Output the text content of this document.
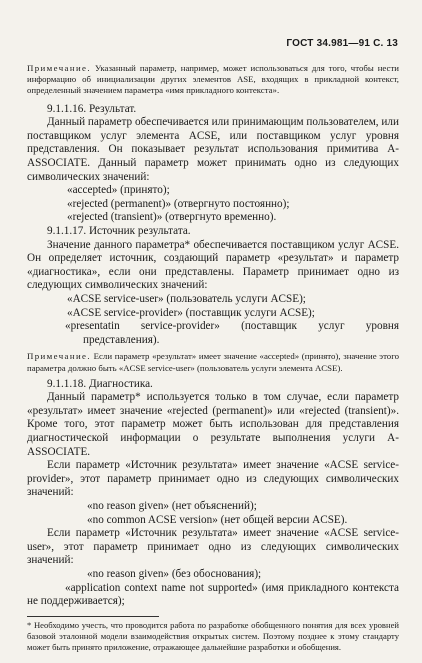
ГОСТ 34.981—91 С. 13

Примечание. Указанный параметр, например, может использоваться для того, чтобы нести информацию об инициализации других элементов ASE, входящих в прикладной контекст, определенный значением параметра «имя прикладного контекста».

9.1.1.16. Результат.

Данный параметр обеспечивается или принимающим пользователем, или поставщиком услуг элемента ACSE, или поставщиком услуг уровня представления. Он показывает результат использования примитива A-ASSOCIATE. Данный параметр может принимать одно из следующих символических значений:

«accepted» (принято);

«rejected (permanent)» (отвергнуто постоянно);

«rejected (transient)» (отвергнуто временно).

9.1.1.17. Источник результата.

Значение данного параметра* обеспечивается поставщиком услуг ACSE. Он определяет источник, создающий параметр «результат» и параметр «диагностика», если они представлены. Параметр принимает одно из следующих символических значений:

«ACSE service-user» (пользователь услуги ACSE);

«ACSE service-provider» (поставщик услуги ACSE);

«presentatin service-provider» (поставщик услуг уровня представления).

Примечание. Если параметр «результат» имеет значение «accepted» (принято), значение этого параметра должно быть «ACSE service-user» (пользователь услуги элемента ACSE).

9.1.1.18. Диагностика.

Данный параметр* используется только в том случае, если параметр «результат» имеет значение «rejected (permanent)» или «rejected (transient)». Кроме того, этот параметр может быть использован для представления диагностической информации о результате выполнения услуги A-ASSOCIATE.

Если параметр «Источник результата» имеет значение «ACSE service-provider», этот параметр принимает одно из следующих символических значений:

«no reason given» (нет объяснений);

«no common ACSE version» (нет общей версии ACSE).

Если параметр «Источник результата» имеет значение «ACSE service-user», этот параметр принимает одно из следующих символических значений:

«no reason given» (без обоснования);

«application context name not supported» (имя прикладного контекста не поддерживается);

* Необходимо учесть, что проводится работа по разработке обобщенного понятия для всех уровней базовой эталонной модели взаимодействия открытых систем. Поэтому позднее к этому стандарту может быть принято приложение, отражающее дальнейшие разработки и обобщения.
